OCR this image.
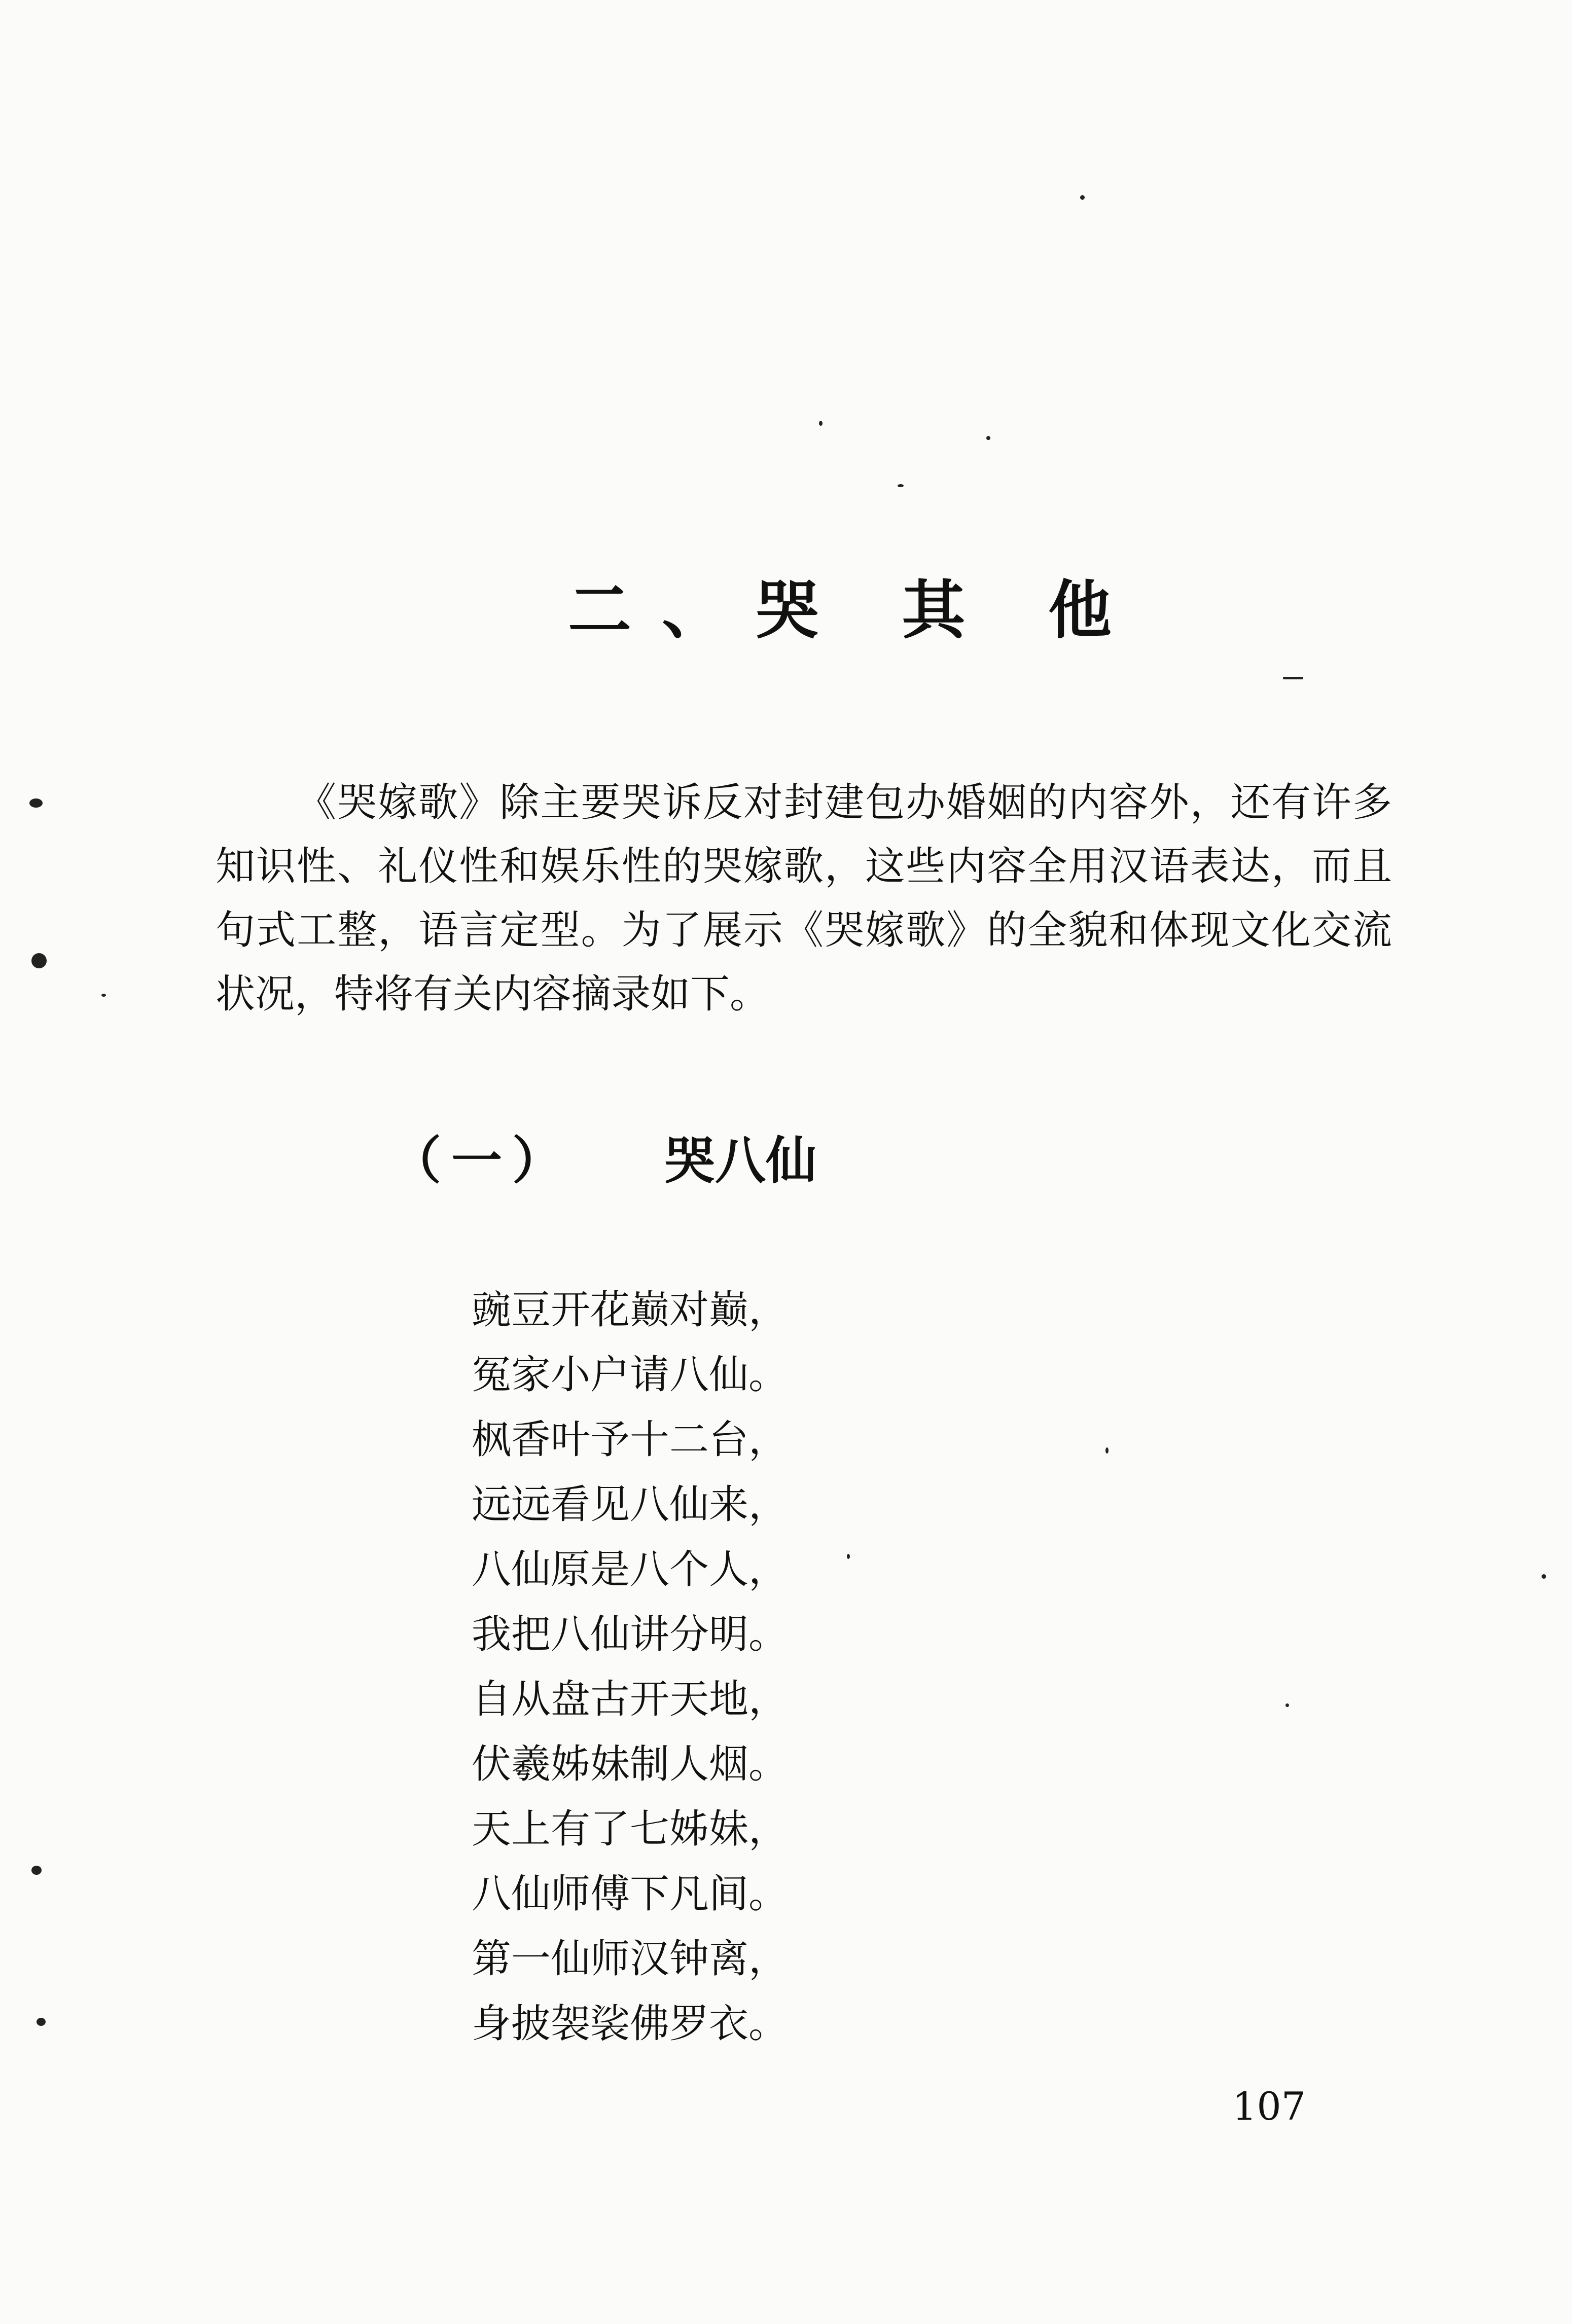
二、哭 其 他

《哭嫁歌》除主要哭诉反对封建包办婚姻的内容外，还有许多知识性、礼仪性和娱乐性的哭嫁歌，这些内容全用汉语表达，而且句式工整，语言定型。为了展示《哭嫁歌》的全貌和体现文化交流状况，特将有关内容摘录如下。

（一） 哭八仙
豌豆开花巅对巅，
冤家小户请八仙。
枫香叶予十二台，
远远看见八仙来，
八仙原是八个人，
我把八仙讲分明。
自从盘古开天地，
伏羲姊妹制人烟。
天上有了七姊妹，
八仙师傅下凡间。
第一仙师汉钟离，
身披袈裟佛罗衣。
107
